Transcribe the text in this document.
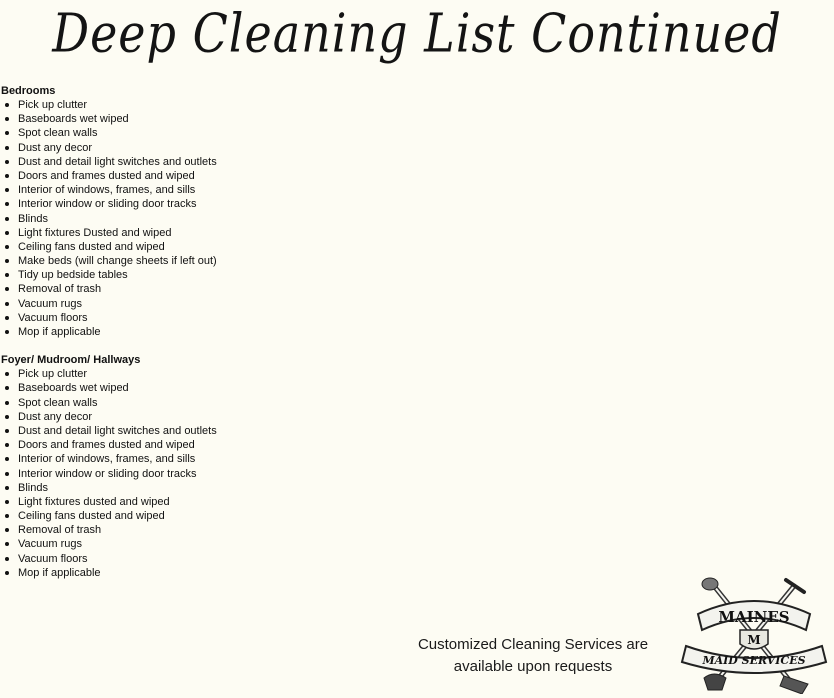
Deep Cleaning List Continued
Bedrooms
Pick up clutter
Baseboards wet wiped
Spot clean walls
Dust any decor
Dust and detail light switches and outlets
Doors and frames dusted and wiped
Interior of windows, frames, and sills
Interior window or sliding door tracks
Blinds
Light fixtures Dusted and wiped
Ceiling fans dusted and wiped
Make beds (will change sheets if left out)
Tidy up bedside tables
Removal of trash
Vacuum rugs
Vacuum floors
Mop if applicable
Foyer/ Mudroom/ Hallways
Pick up clutter
Baseboards wet wiped
Spot clean walls
Dust any decor
Dust and detail light switches and outlets
Doors and frames dusted and wiped
Interior of windows, frames, and sills
Interior window or sliding door tracks
Blinds
Light fixtures dusted and wiped
Ceiling fans dusted and wiped
Removal of trash
Vacuum rugs
Vacuum floors
Mop if applicable
Customized Cleaning Services are
available upon requests
MAINES
M
MAID SERVICES
